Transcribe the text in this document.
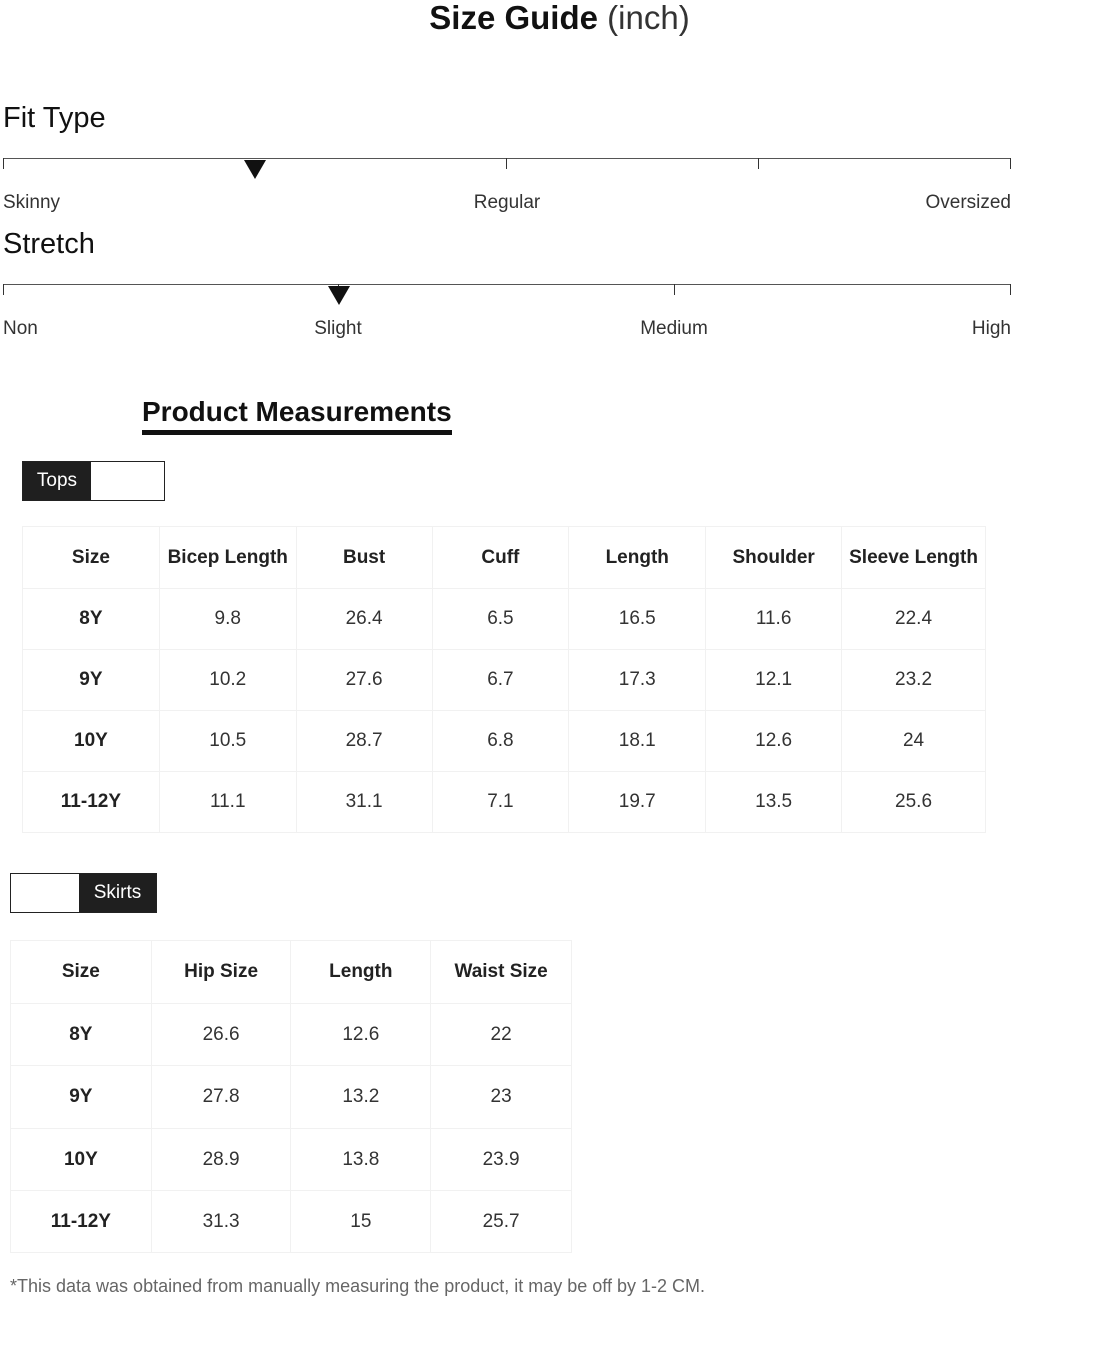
Size Guide (inch)
Fit Type
Skinny	Regular	Oversized
Stretch
Non	Slight	Medium	High
Product Measurements
Tops
Size	Bicep Length	Bust	Cuff	Length	Shoulder	Sleeve Length
8Y	9.8	26.4	6.5	16.5	11.6	22.4
9Y	10.2	27.6	6.7	17.3	12.1	23.2
10Y	10.5	28.7	6.8	18.1	12.6	24
11-12Y	11.1	31.1	7.1	19.7	13.5	25.6
Skirts
Size	Hip Size	Length	Waist Size
8Y	26.6	12.6	22
9Y	27.8	13.2	23
10Y	28.9	13.8	23.9
11-12Y	31.3	15	25.7
*This data was obtained from manually measuring the product, it may be off by 1-2 CM.
